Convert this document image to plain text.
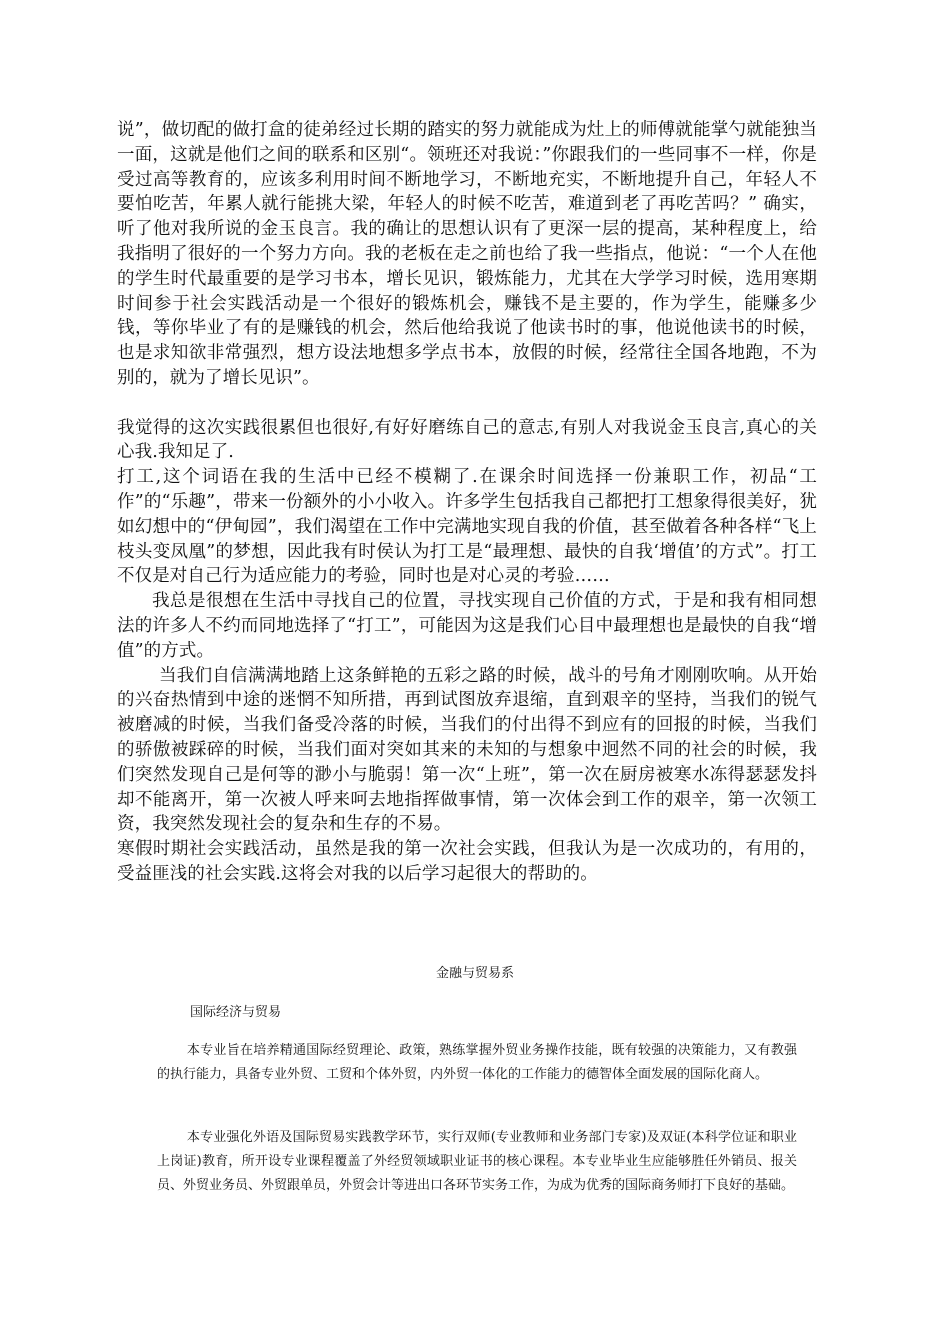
说”，做切配的做打盒的徒弟经过长期的踏实的努力就能成为灶上的师傅就能掌勺就能独当一面，这就是他们之间的联系和区别“。领班还对我说：”你跟我们的一些同事不一样，你是受过高等教育的，应该多利用时间不断地学习，不断地充实，不断地提升自己，年轻人不要怕吃苦，年累人就行能挑大梁，年轻人的时候不吃苦，难道到老了再吃苦吗？” 确实，听了他对我所说的金玉良言。我的确让的思想认识有了更深一层的提高，某种程度上，给我指明了很好的一个努力方向。我的老板在走之前也给了我一些指点，他说：“一个人在他的学生时代最重要的是学习书本，增长见识，锻炼能力，尤其在大学学习时候，选用寒期时间参于社会实践活动是一个很好的锻炼机会，赚钱不是主要的，作为学生，能赚多少钱，等你毕业了有的是赚钱的机会，然后他给我说了他读书时的事，他说他读书的时候，也是求知欲非常强烈，想方设法地想多学点书本，放假的时候，经常往全国各地跑，不为别的，就为了增长见识”。

我觉得的这次实践很累但也很好,有好好磨练自己的意志,有别人对我说金玉良言,真心的关心我.我知足了.

打工,这个词语在我的生活中已经不模糊了.在课余时间选择一份兼职工作，初品“工作”的“乐趣”，带来一份额外的小小收入。许多学生包括我自己都把打工想象得很美好，犹如幻想中的“伊甸园”，我们渴望在工作中完满地实现自我的价值，甚至做着各种各样“飞上枝头变凤凰”的梦想，因此我有时侯认为打工是“最理想、最快的自我‘增值’的方式”。打工不仅是对自己行为适应能力的考验，同时也是对心灵的考验……

我总是很想在生活中寻找自己的位置，寻找实现自己价值的方式，于是和我有相同想法的许多人不约而同地选择了“打工”，可能因为这是我们心目中最理想也是最快的自我“增值”的方式。

当我们自信满满地踏上这条鲜艳的五彩之路的时候，战斗的号角才刚刚吹响。从开始的兴奋热情到中途的迷惘不知所措，再到试图放弃退缩，直到艰辛的坚持，当我们的锐气被磨减的时候，当我们备受冷落的时候，当我们的付出得不到应有的回报的时候，当我们的骄傲被踩碎的时候，当我们面对突如其来的未知的与想象中迥然不同的社会的时候，我们突然发现自己是何等的渺小与脆弱！第一次“上班”，第一次在厨房被寒水冻得瑟瑟发抖却不能离开，第一次被人呼来呵去地指挥做事情，第一次体会到工作的艰辛，第一次领工资，我突然发现社会的复杂和生存的不易。

寒假时期社会实践活动，虽然是我的第一次社会实践，但我认为是一次成功的，有用的，受益匪浅的社会实践.这将会对我的以后学习起很大的帮助的。

金融与贸易系
国际经济与贸易

本专业旨在培养精通国际经贸理论、政策，熟练掌握外贸业务操作技能，既有较强的决策能力，又有教强的执行能力，具备专业外贸、工贸和个体外贸，内外贸一体化的工作能力的德智体全面发展的国际化商人。

本专业强化外语及国际贸易实践教学环节，实行双师(专业教师和业务部门专家)及双证(本科学位证和职业上岗证)教育，所开设专业课程覆盖了外经贸领域职业证书的核心课程。本专业毕业生应能够胜任外销员、报关员、外贸业务员、外贸跟单员，外贸会计等进出口各环节实务工作，为成为优秀的国际商务师打下良好的基础。
